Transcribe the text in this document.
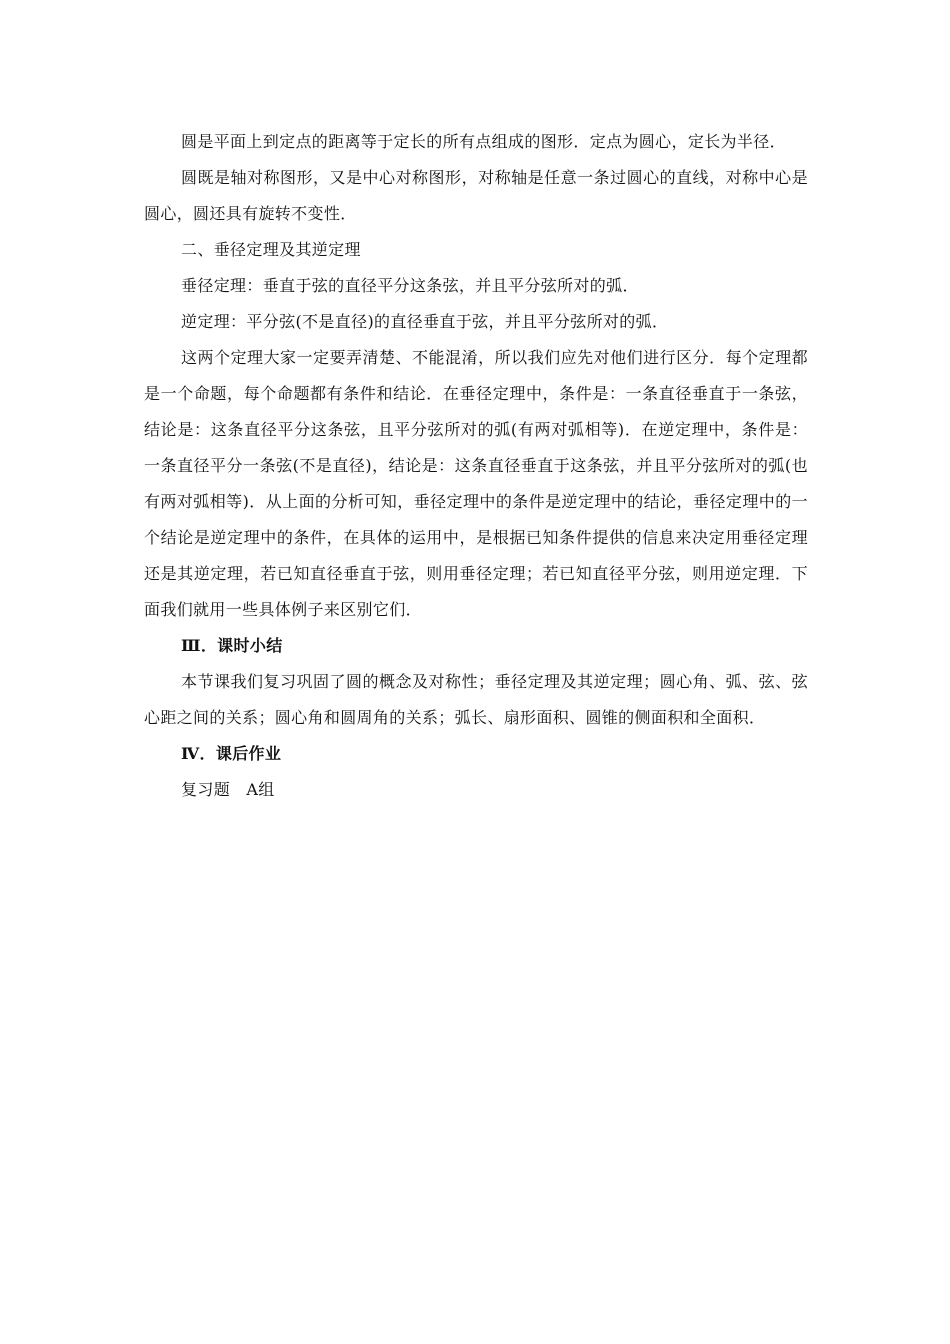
圆是平面上到定点的距离等于定长的所有点组成的图形．定点为圆心，定长为半径．

圆既是轴对称图形，又是中心对称图形，对称轴是任意一条过圆心的直线，对称中心是圆心，圆还具有旋转不变性．

二、垂径定理及其逆定理

垂径定理：垂直于弦的直径平分这条弦，并且平分弦所对的弧．

逆定理：平分弦(不是直径)的直径垂直于弦，并且平分弦所对的弧．

这两个定理大家一定要弄清楚、不能混淆，所以我们应先对他们进行区分．每个定理都是一个命题，每个命题都有条件和结论．在垂径定理中，条件是：一条直径垂直于一条弦，结论是：这条直径平分这条弦，且平分弦所对的弧(有两对弧相等)．在逆定理中，条件是：一条直径平分一条弦(不是直径)，结论是：这条直径垂直于这条弦，并且平分弦所对的弧(也有两对弧相等)．从上面的分析可知，垂径定理中的条件是逆定理中的结论，垂径定理中的一个结论是逆定理中的条件，在具体的运用中，是根据已知条件提供的信息来决定用垂径定理还是其逆定理，若已知直径垂直于弦，则用垂径定理；若已知直径平分弦，则用逆定理．下面我们就用一些具体例子来区别它们．

Ⅲ．课时小结

本节课我们复习巩固了圆的概念及对称性；垂径定理及其逆定理；圆心角、弧、弦、弦心距之间的关系；圆心角和圆周角的关系；弧长、扇形面积、圆锥的侧面积和全面积．

Ⅳ．课后作业

复习题　A组
